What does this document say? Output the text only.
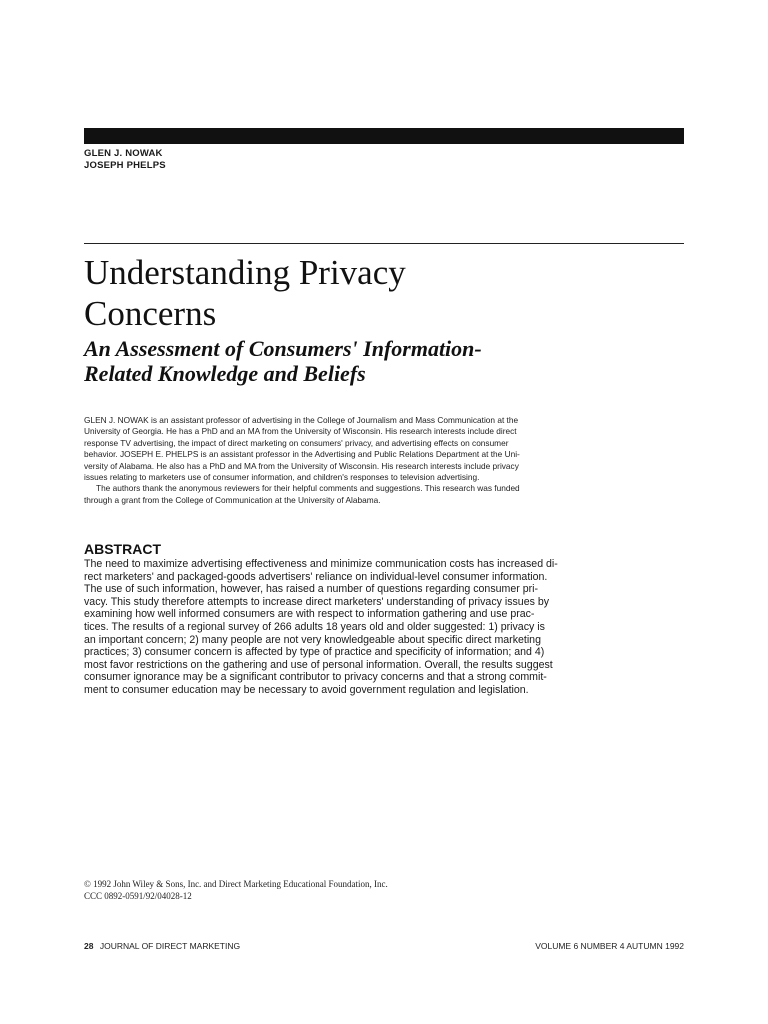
GLEN J. NOWAK
JOSEPH PHELPS
Understanding Privacy
Concerns
An Assessment of Consumers' Information-
Related Knowledge and Beliefs
GLEN J. NOWAK is an assistant professor of advertising in the College of Journalism and Mass Communication at the
University of Georgia. He has a PhD and an MA from the University of Wisconsin. His research interests include direct
response TV advertising, the impact of direct marketing on consumers' privacy, and advertising effects on consumer
behavior. JOSEPH E. PHELPS is an assistant professor in the Advertising and Public Relations Department at the Uni-
versity of Alabama. He also has a PhD and MA from the University of Wisconsin. His research interests include privacy
issues relating to marketers use of consumer information, and children's responses to television advertising.
The authors thank the anonymous reviewers for their helpful comments and suggestions. This research was funded
through a grant from the College of Communication at the University of Alabama.
ABSTRACT
The need to maximize advertising effectiveness and minimize communication costs has increased di-
rect marketers' and packaged-goods advertisers' reliance on individual-level consumer information.
The use of such information, however, has raised a number of questions regarding consumer pri-
vacy. This study therefore attempts to increase direct marketers' understanding of privacy issues by
examining how well informed consumers are with respect to information gathering and use prac-
tices. The results of a regional survey of 266 adults 18 years old and older suggested: 1) privacy is
an important concern; 2) many people are not very knowledgeable about specific direct marketing
practices; 3) consumer concern is affected by type of practice and specificity of information; and 4)
most favor restrictions on the gathering and use of personal information. Overall, the results suggest
consumer ignorance may be a significant contributor to privacy concerns and that a strong commit-
ment to consumer education may be necessary to avoid government regulation and legislation.
© 1992 John Wiley & Sons, Inc. and Direct Marketing Educational Foundation, Inc.
CCC 0892-0591/92/04028-12
28 JOURNAL OF DIRECT MARKETING	VOLUME 6 NUMBER 4 AUTUMN 1992
